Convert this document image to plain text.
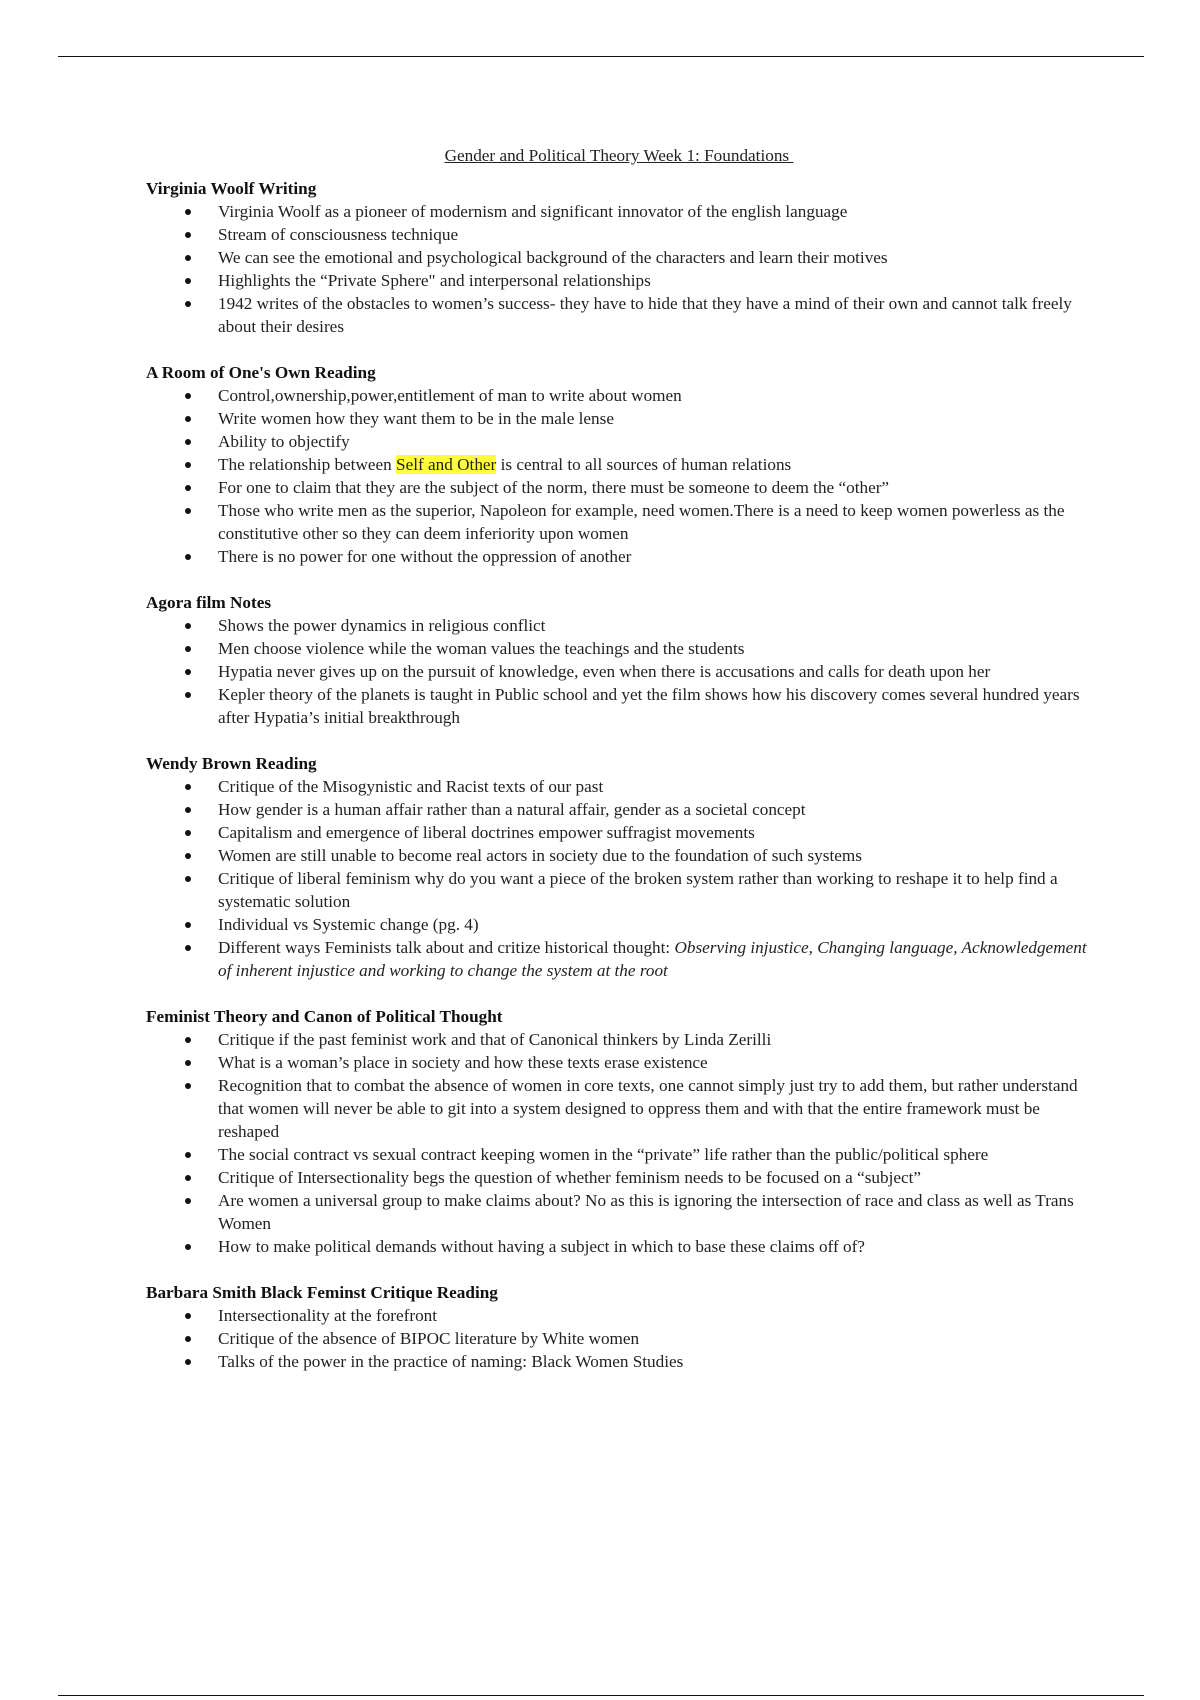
Gender and Political Theory Week 1: Foundations
Virginia Woolf Writing
Virginia Woolf as a pioneer of modernism and significant innovator of the english language
Stream of consciousness technique
We can see the emotional and psychological background of the characters and learn their motives
Highlights the “Private Sphere" and interpersonal relationships
1942 writes of the obstacles to women’s success- they have to hide that they have a mind of their own and cannot talk freely about their desires
A Room of One's Own Reading
Control,ownership,power,entitlement of man to write about women
Write women how they want them to be in the male lense
Ability to objectify
The relationship between Self and Other is central to all sources of human relations
For one to claim that they are the subject of the norm, there must be someone to deem the “other”
Those who write men as the superior, Napoleon for example, need women.There is a need to keep women powerless as the constitutive other so they can deem inferiority upon women
There is no power for one without the oppression of another
Agora film Notes
Shows the power dynamics in religious conflict
Men choose violence while the woman values the teachings and the students
Hypatia never gives up on the pursuit of knowledge, even when there is accusations and calls for death upon her
Kepler theory of the planets is taught in Public school and yet the film shows how his discovery comes several hundred years after Hypatia’s initial breakthrough
Wendy Brown Reading
Critique of the Misogynistic and Racist texts of our past
How gender is a human affair rather than a natural affair, gender as a societal concept
Capitalism and emergence of liberal doctrines empower suffragist movements
Women are still unable to become real actors in society due to the foundation of such systems
Critique of liberal feminism why do you want a piece of the broken system rather than working to reshape it to help find a systematic solution
Individual vs Systemic change (pg. 4)
Different ways Feminists talk about and critize historical thought: Observing injustice, Changing language, Acknowledgement of inherent injustice and working to change the system at the root
Feminist Theory and Canon of Political Thought
Critique if the past feminist work and that of Canonical thinkers by Linda Zerilli
What is a woman’s place in society and how these texts erase existence
Recognition that to combat the absence of women in core texts, one cannot simply just try to add them, but rather understand that women will never be able to git into a system designed to oppress them and with that the entire framework must be reshaped
The social contract vs sexual contract keeping women in the “private” life rather than the public/political sphere
Critique of Intersectionality begs the question of whether feminism needs to be focused on a “subject”
Are women a universal group to make claims about? No as this is ignoring the intersection of race and class as well as Trans Women
How to make political demands without having a subject in which to base these claims off of?
Barbara Smith Black Feminst Critique Reading
Intersectionality at the forefront
Critique of the absence of BIPOC literature by White women
Talks of the power in the practice of naming: Black Women Studies
